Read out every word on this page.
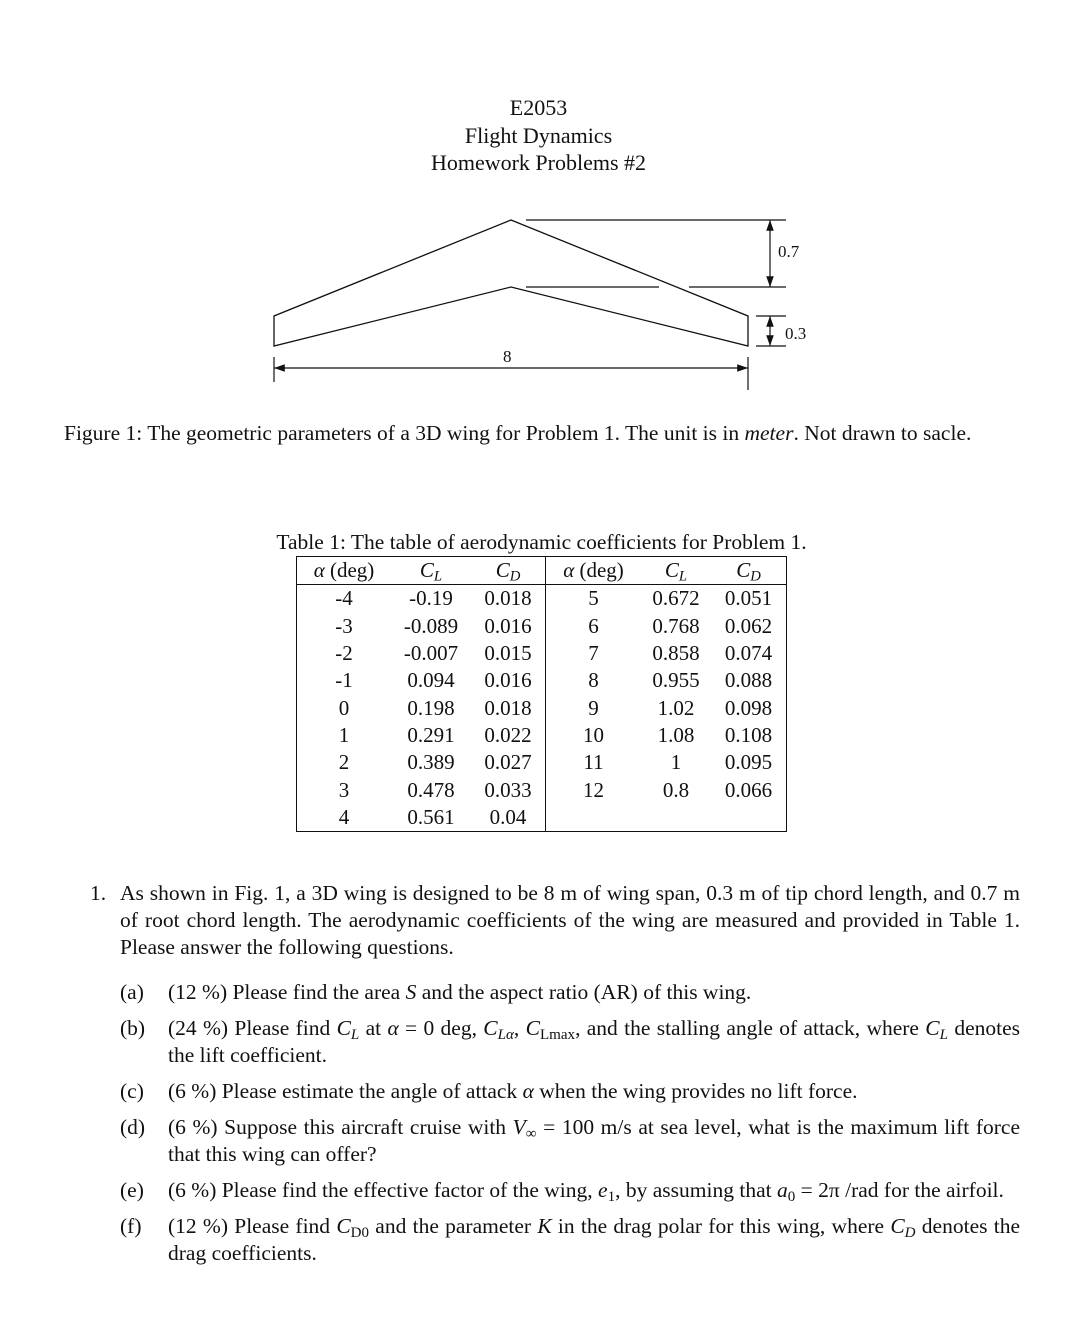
E2053
Flight Dynamics
Homework Problems #2
0.7
0.3
8
Figure 1: The geometric parameters of a 3D wing for Problem 1. The unit is in meter. Not drawn to sacle.
Table 1: The table of aerodynamic coefficients for Problem 1.
α (deg)	$C_L$	$C_D$	α (deg)	$C_L$	$C_D$
-4	-0.19	0.018	5	0.672	0.051
-3	-0.089	0.016	6	0.768	0.062
-2	-0.007	0.015	7	0.858	0.074
-1	0.094	0.016	8	0.955	0.088
0	0.198	0.018	9	1.02	0.098
1	0.291	0.022	10	1.08	0.108
2	0.389	0.027	11	1	0.095
3	0.478	0.033	12	0.8	0.066
4	0.561	0.04			
1. As shown in Fig. 1, a 3D wing is designed to be 8 m of wing span, 0.3 m of tip chord length, and 0.7 m of root chord length. The aerodynamic coefficients of the wing are measured and provided in Table 1. Please answer the following questions.
(a)	(12 %) Please find the area S and the aspect ratio (AR) of this wing.
(b)	(24 %) Please find $C_L$ at α = 0 deg, $C_{L\alpha}$, $C_{Lmax}$, and the stalling angle of attack, where $C_L$ denotes the lift coefficient.
(c)	(6 %) Please estimate the angle of attack α when the wing provides no lift force.
(d)	(6 %) Suppose this aircraft cruise with $V_\infty = 100$ m/s at sea level, what is the maximum lift force that this wing can offer?
(e)	(6 %) Please find the effective factor of the wing, $e_1$, by assuming that $a_0 = 2\pi$ /rad for the airfoil.
(f)	(12 %) Please find $C_{D0}$ and the parameter K in the drag polar for this wing, where $C_D$ denotes the drag coefficients.
